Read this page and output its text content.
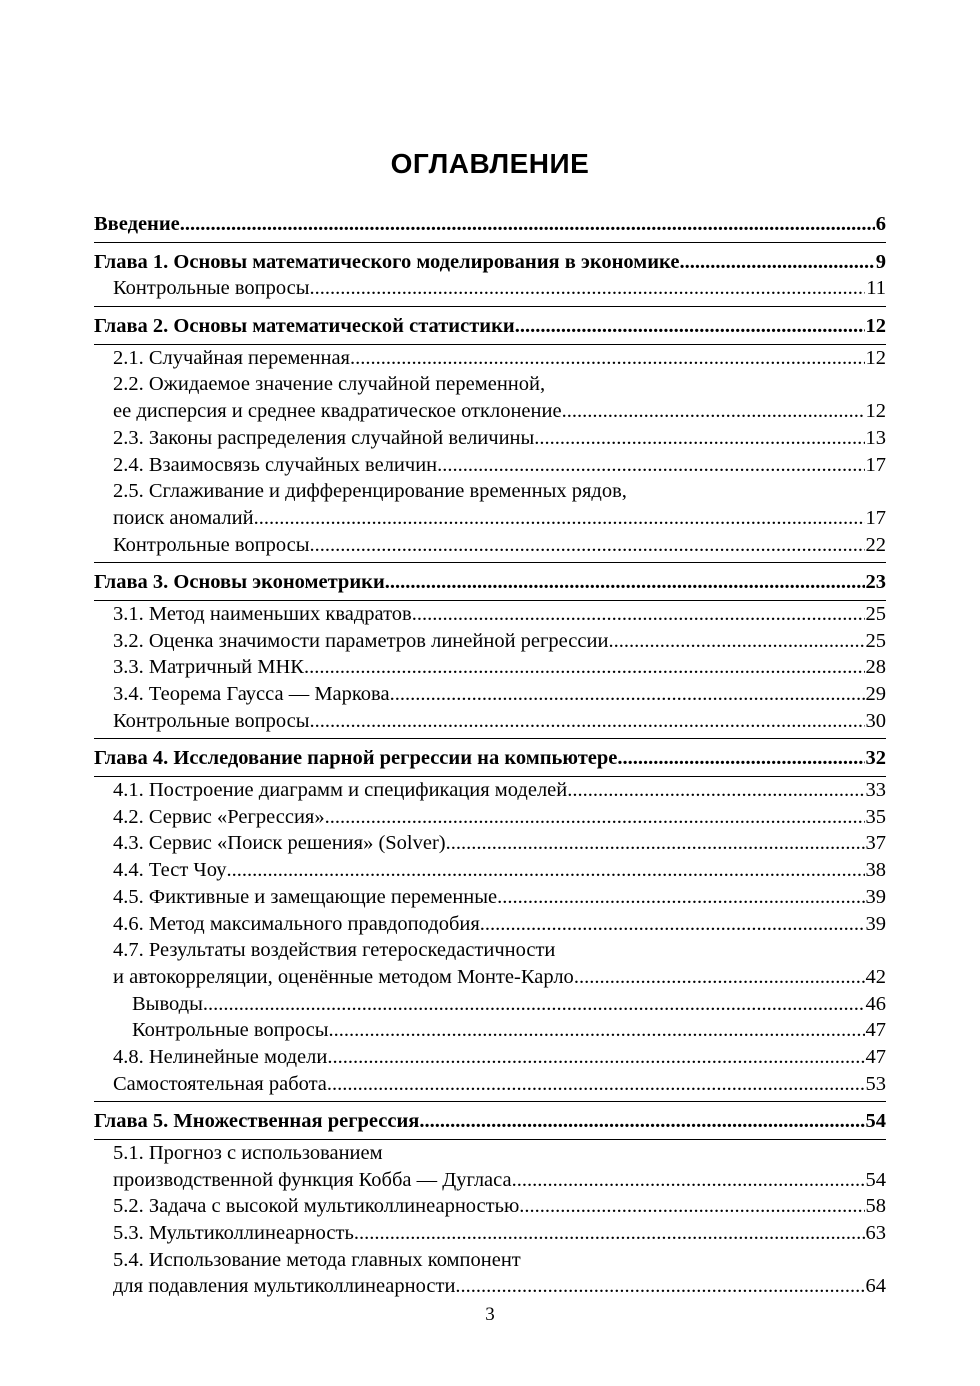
ОГЛАВЛЕНИЕ
Введение .....	6
Глава 1. Основы математического моделирования в экономике .....	9
Контрольные вопросы .....	11
Глава 2. Основы математической статистики .....	12
2.1. Случайная переменная .....	12
2.2. Ожидаемое значение случайной переменной,
ее дисперсия и среднее квадратическое отклонение .....	12
2.3. Законы распределения случайной величины .....	13
2.4. Взаимосвязь случайных величин .....	17
2.5. Сглаживание и дифференцирование временных рядов,
поиск аномалий .....	17
Контрольные вопросы .....	22
Глава 3. Основы эконометрики .....	23
3.1. Метод наименьших квадратов .....	25
3.2. Оценка значимости параметров линейной регрессии .....	25
3.3. Матричный МНК .....	28
3.4. Теорема Гаусса — Маркова .....	29
Контрольные вопросы .....	30
Глава 4. Исследование парной регрессии на компьютере .....	32
4.1. Построение диаграмм и спецификация моделей .....	33
4.2. Сервис «Регрессия» .....	35
4.3. Сервис «Поиск решения» (Solver) .....	37
4.4. Тест Чоу .....	38
4.5. Фиктивные и замещающие переменные .....	39
4.6. Метод максимального правдоподобия .....	39
4.7. Результаты воздействия гетероскедастичности
и автокорреляции, оценённые методом Монте-Карло .....	42
Выводы .....	46
Контрольные вопросы .....	47
4.8. Нелинейные модели .....	47
Самостоятельная работа .....	53
Глава 5. Множественная регрессия .....	54
5.1. Прогноз с использованием
производственной функция Кобба — Дугласа .....	54
5.2. Задача с высокой мультиколлинеарностью .....	58
5.3. Мультиколлинеарность .....	63
5.4. Использование метода главных компонент
для подавления мультиколлинеарности .....	64
3
